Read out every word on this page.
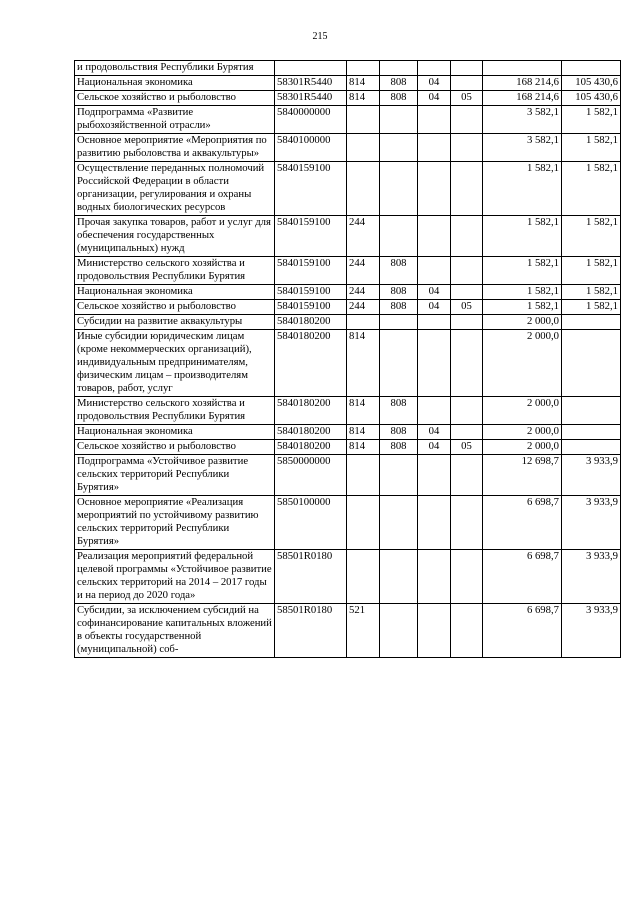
215
и продовольствия Республики Бурятия							
Национальная экономика	58301R5440	814	808	04		168 214,6	105 430,6
Сельское хозяйство и рыболовство	58301R5440	814	808	04	05	168 214,6	105 430,6
Подпрограмма «Развитие рыбохозяйственной отрасли»	5840000000					3 582,1	1 582,1
Основное мероприятие «Мероприятия по развитию рыболовства и аквакультуры»	5840100000					3 582,1	1 582,1
Осуществление переданных полномочий Российской Федерации в области организации, регулирования и охраны водных биологических ресурсов	5840159100					1 582,1	1 582,1
Прочая закупка товаров, работ и услуг для обеспечения государственных (муниципальных) нужд	5840159100	244				1 582,1	1 582,1
Министерство сельского хозяйства и продовольствия Республики Бурятия	5840159100	244	808			1 582,1	1 582,1
Национальная экономика	5840159100	244	808	04		1 582,1	1 582,1
Сельское хозяйство и рыболовство	5840159100	244	808	04	05	1 582,1	1 582,1
Субсидии на развитие аквакультуры	5840180200					2 000,0	
Иные субсидии юридическим лицам (кроме некоммерческих организаций), индивидуальным предпринимателям, физическим лицам – производителям товаров, работ, услуг	5840180200	814				2 000,0	
Министерство сельского хозяйства и продовольствия Республики Бурятия	5840180200	814	808			2 000,0	
Национальная экономика	5840180200	814	808	04		2 000,0	
Сельское хозяйство и рыболовство	5840180200	814	808	04	05	2 000,0	
Подпрограмма «Устойчивое развитие сельских территорий Республики Бурятия»	5850000000					12 698,7	3 933,9
Основное мероприятие «Реализация мероприятий по устойчивому развитию сельских территорий Республики Бурятия»	5850100000					6 698,7	3 933,9
Реализация мероприятий федеральной целевой программы «Устойчивое развитие сельских территорий на 2014 – 2017 годы и на период до 2020 года»	58501R0180					6 698,7	3 933,9
Субсидии, за исключением субсидий на софинансирование капитальных вложений в объекты государственной (муниципальной) соб-	58501R0180	521				6 698,7	3 933,9
